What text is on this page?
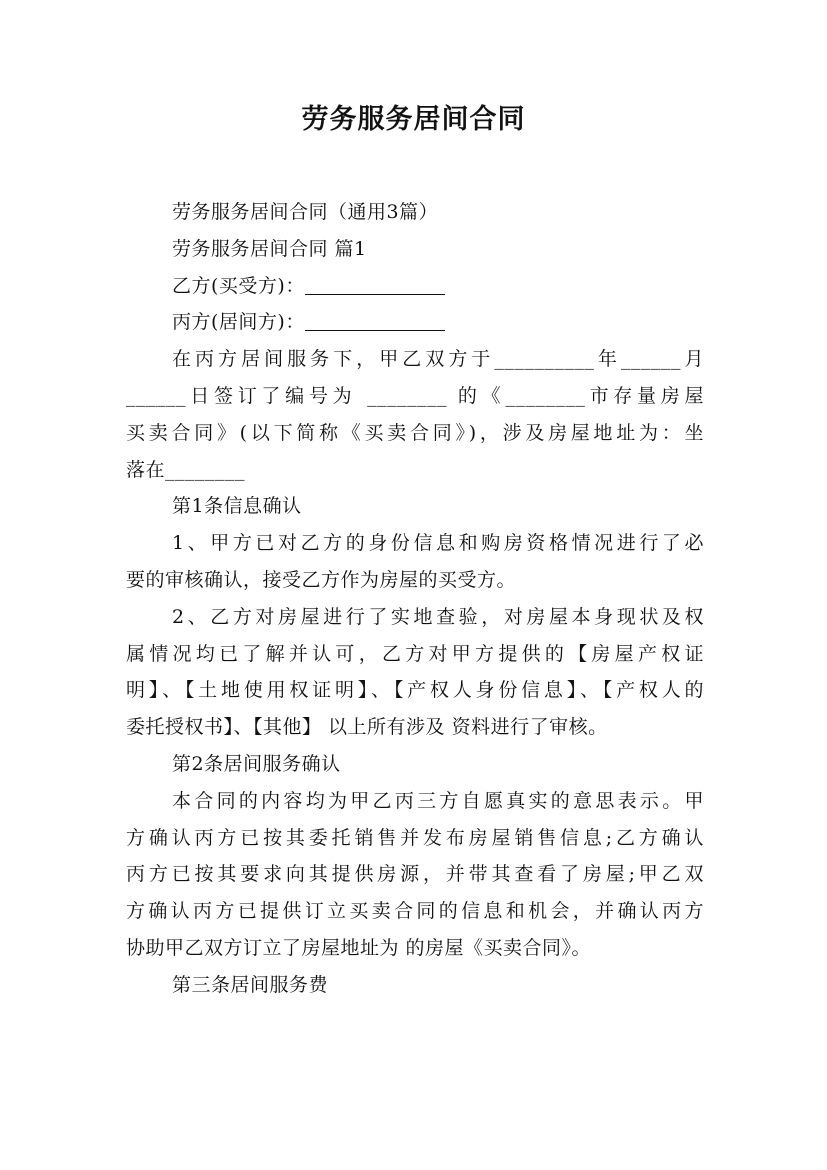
劳务服务居间合同
劳务服务居间合同（通用3篇）
劳务服务居间合同 篇1
乙方(买受方)：
丙方(居间方)：
在丙方居间服务下，甲乙双方于__________年______月
______日签订了编号为 ________ 的《________市存量房屋
买卖合同》(以下简称《买卖合同》)，涉及房屋地址为：坐
落在________
第1条信息确认
1、甲方已对乙方的身份信息和购房资格情况进行了必
要的审核确认，接受乙方作为房屋的买受方。
2、乙方对房屋进行了实地查验，对房屋本身现状及权
属情况均已了解并认可，乙方对甲方提供的【房屋产权证
明】、【土地使用权证明】、【产权人身份信息】、【产权人的
委托授权书】、【其他】 以上所有涉及 资料进行了审核。
第2条居间服务确认
本合同的内容均为甲乙丙三方自愿真实的意思表示。甲
方确认丙方已按其委托销售并发布房屋销售信息;乙方确认
丙方已按其要求向其提供房源，并带其查看了房屋;甲乙双
方确认丙方已提供订立买卖合同的信息和机会，并确认丙方
协助甲乙双方订立了房屋地址为 的房屋《买卖合同》。
第三条居间服务费
